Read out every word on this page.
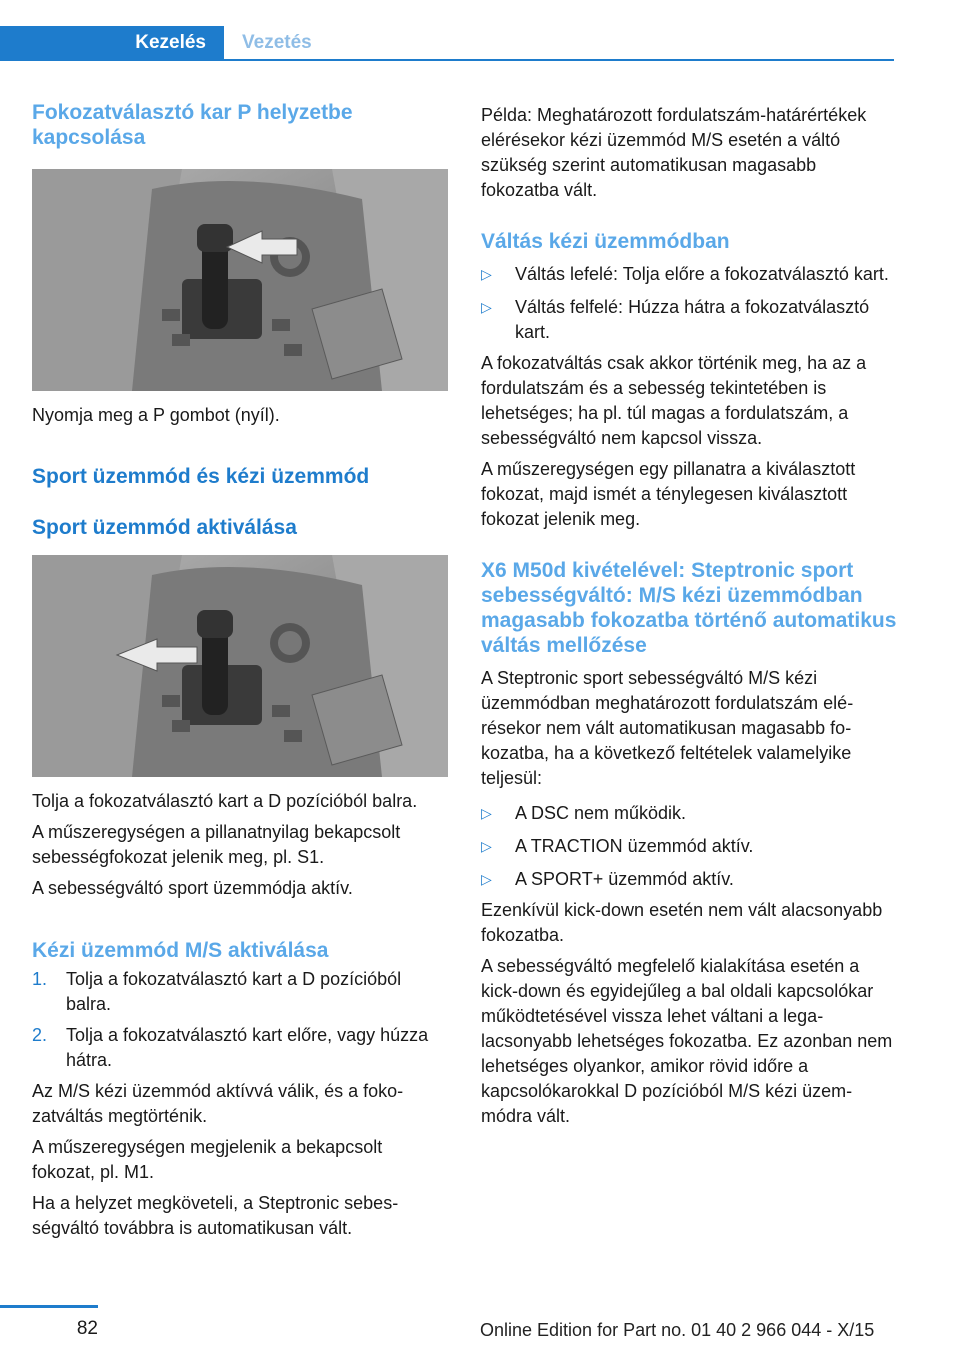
Kezelés	Vezetés
Fokozatválasztó kar P helyzetbe kapcsolása

Nyomja meg a P gombot (nyíl).

Sport üzemmód és kézi üzemmód
Sport üzemmód aktiválása

Tolja a fokozatválasztó kart a D pozícióból balra.

A műszeregységen a pillanatnyilag bekapcsolt sebességfokozat jelenik meg, pl. S1.

A sebességváltó sport üzemmódja aktív.

Kézi üzemmód M/S aktiválása
1. Tolja a fokozatválasztó kart a D pozícióból balra.
2. Tolja a fokozatválasztó kart előre, vagy húzza hátra.

Az M/S kézi üzemmód aktívvá válik, és a fokozatváltás megtörténik.

A műszeregységen megjelenik a bekapcsolt fokozat, pl. M1.

Ha a helyzet megköveteli, a Steptronic sebességváltó továbbra is automatikusan vált.

Példa: Meghatározott fordulatszám-határértékek elérésekor kézi üzemmód M/S esetén a váltó szükség szerint automatikusan magasabb fokozatba vált.

Váltás kézi üzemmódban
▷ Váltás lefelé: Tolja előre a fokozatválasztó kart.
▷ Váltás felfelé: Húzza hátra a fokozatválasztó kart.

A fokozatváltás csak akkor történik meg, ha az a fordulatszám és a sebesség tekintetében is lehetséges; ha pl. túl magas a fordulatszám, a sebességváltó nem kapcsol vissza.

A műszeregységen egy pillanatra a kiválasztott fokozat, majd ismét a ténylegesen kiválasztott fokozat jelenik meg.

X6 M50d kivételével: Steptronic sport sebességváltó: M/S kézi üzemmódban magasabb fokozatba történő automatikus váltás mellőzése

A Steptronic sport sebességváltó M/S kézi üzemmódban meghatározott fordulatszám elérésekor nem vált automatikusan magasabb fokozatba, ha a következő feltételek valamelyike teljesül:

▷ A DSC nem működik.
▷ A TRACTION üzemmód aktív.
▷ A SPORT+ üzemmód aktív.

Ezenkívül kick-down esetén nem vált alacsonyabb fokozatba.

A sebességváltó megfelelő kialakítása esetén a kick-down és egyidejűleg a bal oldali kapcsolókar működtetésével vissza lehet váltani a legalacsonyabb lehetséges fokozatba. Ez azonban nem lehetséges olyankor, amikor rövid időre a kapcsolókarokkal D pozícióból M/S kézi üzemmódra vált.

82	Online Edition for Part no. 01 40 2 966 044 - X/15
